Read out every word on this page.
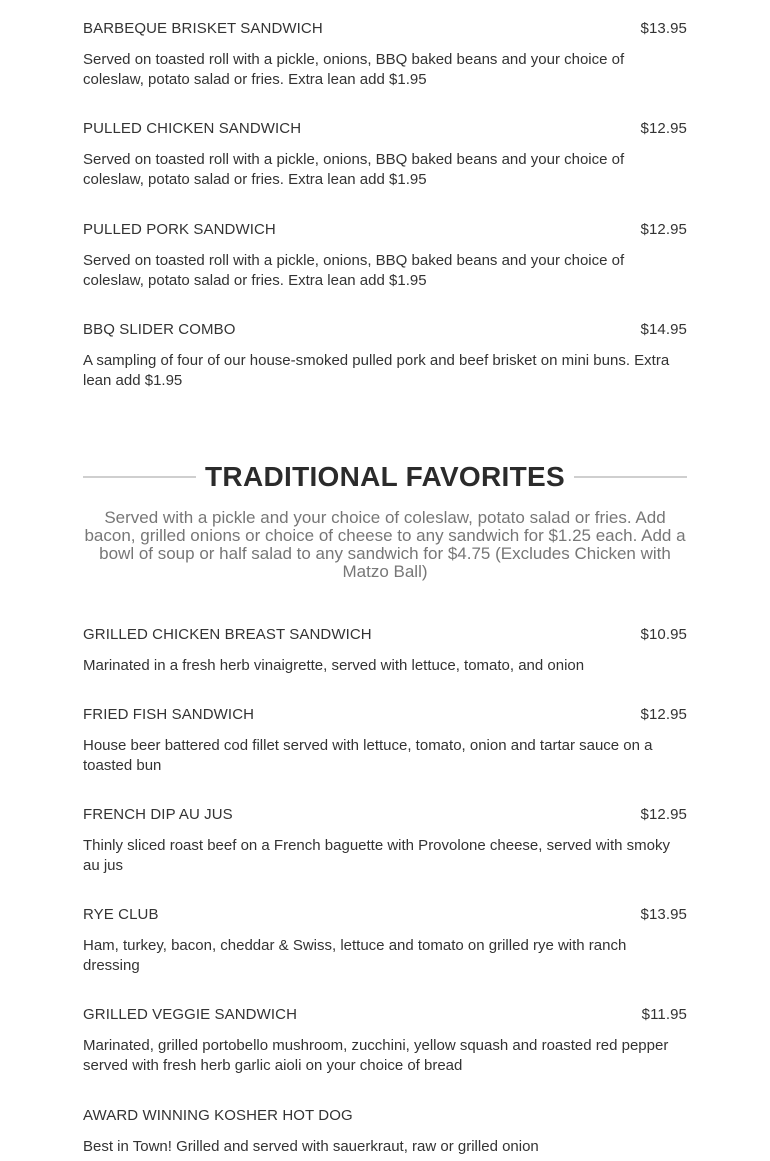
BARBEQUE BRISKET SANDWICH	$13.95
Served on toasted roll with a pickle, onions, BBQ baked beans and your choice of coleslaw, potato salad or fries. Extra lean add $1.95
PULLED CHICKEN SANDWICH	$12.95
Served on toasted roll with a pickle, onions, BBQ baked beans and your choice of coleslaw, potato salad or fries. Extra lean add $1.95
PULLED PORK SANDWICH	$12.95
Served on toasted roll with a pickle, onions, BBQ baked beans and your choice of coleslaw, potato salad or fries. Extra lean add $1.95
BBQ SLIDER COMBO	$14.95
A sampling of four of our house-smoked pulled pork and beef brisket on mini buns. Extra lean add $1.95
TRADITIONAL FAVORITES
Served with a pickle and your choice of coleslaw, potato salad or fries. Add bacon, grilled onions or choice of cheese to any sandwich for $1.25 each. Add a bowl of soup or half salad to any sandwich for $4.75 (Excludes Chicken with Matzo Ball)
GRILLED CHICKEN BREAST SANDWICH	$10.95
Marinated in a fresh herb vinaigrette, served with lettuce, tomato, and onion
FRIED FISH SANDWICH	$12.95
House beer battered cod fillet served with lettuce, tomato, onion and tartar sauce on a toasted bun
FRENCH DIP AU JUS	$12.95
Thinly sliced roast beef on a French baguette with Provolone cheese, served with smoky au jus
RYE CLUB	$13.95
Ham, turkey, bacon, cheddar & Swiss, lettuce and tomato on grilled rye with ranch dressing
GRILLED VEGGIE SANDWICH	$11.95
Marinated, grilled portobello mushroom, zucchini, yellow squash and roasted red pepper served with fresh herb garlic aioli on your choice of bread
AWARD WINNING KOSHER HOT DOG
Best in Town! Grilled and served with sauerkraut, raw or grilled onion
